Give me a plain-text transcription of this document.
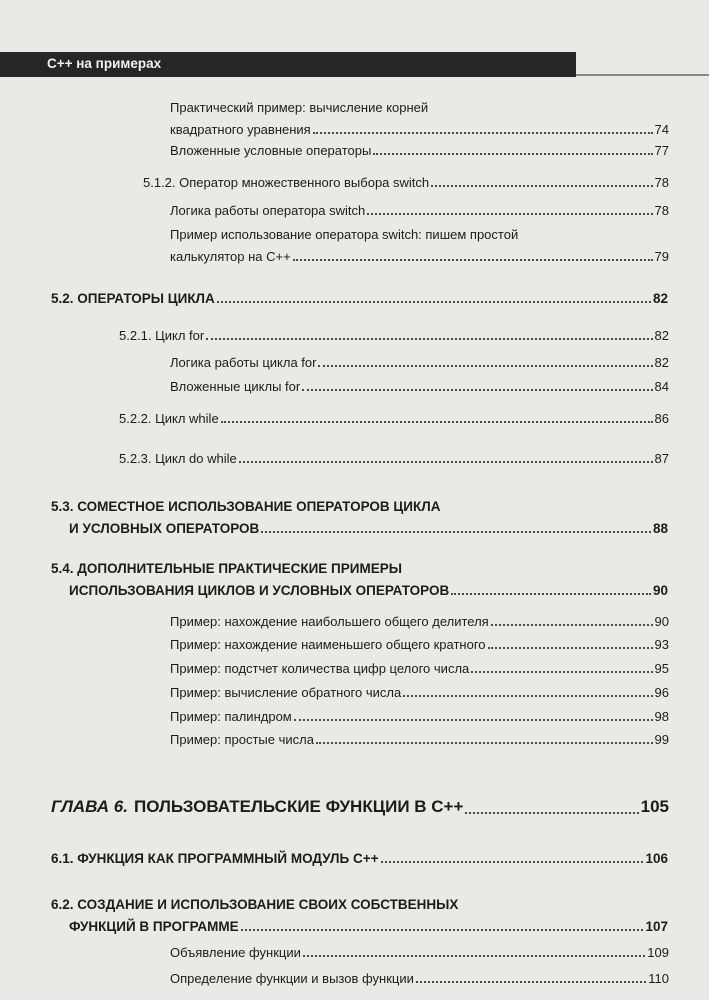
C++ на примерах
Практический пример: вычисление корней
квадратного уравнения	74
Вложенные условные операторы	77
5.1.2. Оператор множественного выбора switch	78
Логика работы оператора switch	78
Пример использование оператора switch: пишем простой
калькулятор на С++	79
5.2. ОПЕРАТОРЫ ЦИКЛА	82
5.2.1. Цикл for	82
Логика работы цикла for	82
Вложенные циклы for	84
5.2.2. Цикл while	86
5.2.3. Цикл do while	87
5.3. СОМЕСТНОЕ ИСПОЛЬЗОВАНИЕ ОПЕРАТОРОВ ЦИКЛА
И УСЛОВНЫХ ОПЕРАТОРОВ	88
5.4. ДОПОЛНИТЕЛЬНЫЕ ПРАКТИЧЕСКИЕ ПРИМЕРЫ
ИСПОЛЬЗОВАНИЯ ЦИКЛОВ И УСЛОВНЫХ ОПЕРАТОРОВ	90
Пример: нахождение наибольшего общего делителя	90
Пример: нахождение наименьшего общего кратного	93
Пример: подстчет количества цифр целого числа	95
Пример: вычисление обратного числа	96
Пример: палиндром	98
Пример: простые числа	99
ГЛАВА 6. ПОЛЬЗОВАТЕЛЬСКИЕ ФУНКЦИИ В С++	105
6.1. ФУНКЦИЯ КАК ПРОГРАММНЫЙ МОДУЛЬ С++	106
6.2. СОЗДАНИЕ И ИСПОЛЬЗОВАНИЕ СВОИХ СОБСТВЕННЫХ
ФУНКЦИЙ В ПРОГРАММЕ	107
Объявление функции	109
Определение функции и вызов функции	110
